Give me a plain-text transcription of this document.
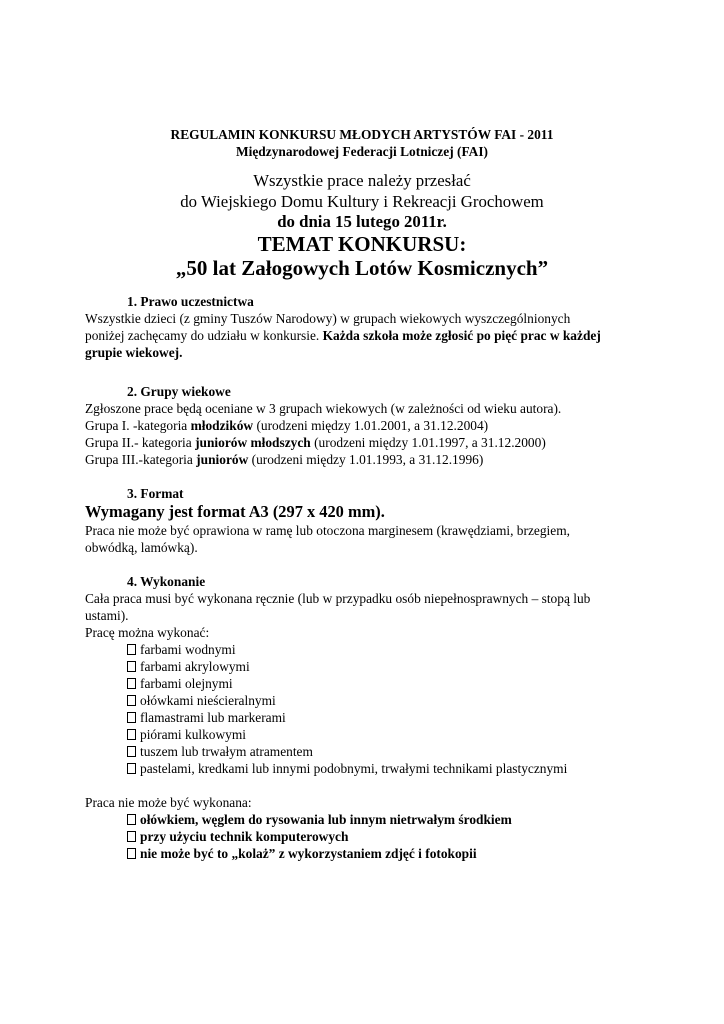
REGULAMIN KONKURSU MŁODYCH ARTYSTÓW FAI - 2011
Międzynarodowej Federacji Lotniczej (FAI)
Wszystkie prace należy przesłać
do Wiejskiego Domu Kultury i Rekreacji Grochowem
do dnia 15 lutego 2011r.
TEMAT KONKURSU:
„50 lat Załogowych Lotów Kosmicznych”
1. Prawo uczestnictwa
Wszystkie dzieci (z gminy Tuszów Narodowy) w grupach wiekowych wyszczególnionych
poniżej zachęcamy do udziału w konkursie. Każda szkoła może zgłosić po pięć prac w każdej
grupie wiekowej.
2. Grupy wiekowe
Zgłoszone prace będą oceniane w 3 grupach wiekowych (w zależności od wieku autora).
Grupa I. -kategoria młodzików (urodzeni między 1.01.2001, a 31.12.2004)
Grupa II.- kategoria juniorów młodszych (urodzeni między 1.01.1997, a 31.12.2000)
Grupa III.-kategoria juniorów (urodzeni między 1.01.1993, a 31.12.1996)
3. Format
Wymagany jest format A3 (297 x 420 mm).
Praca nie może być oprawiona w ramę lub otoczona marginesem (krawędziami, brzegiem,
obwódką, lamówką).
4. Wykonanie
Cała praca musi być wykonana ręcznie (lub w przypadku osób niepełnosprawnych – stopą lub
ustami).
Pracę można wykonać:
farbami wodnymi
farbami akrylowymi
farbami olejnymi
ołówkami nieścieralnymi
flamastrami lub markerami
piórami kulkowymi
tuszem lub trwałym atramentem
pastelami, kredkami lub innymi podobnymi, trwałymi technikami plastycznymi
Praca nie może być wykonana:
ołówkiem, węglem do rysowania lub innym nietrwałym środkiem
przy użyciu technik komputerowych
nie może być to „kolaż” z wykorzystaniem zdjęć i fotokopii
